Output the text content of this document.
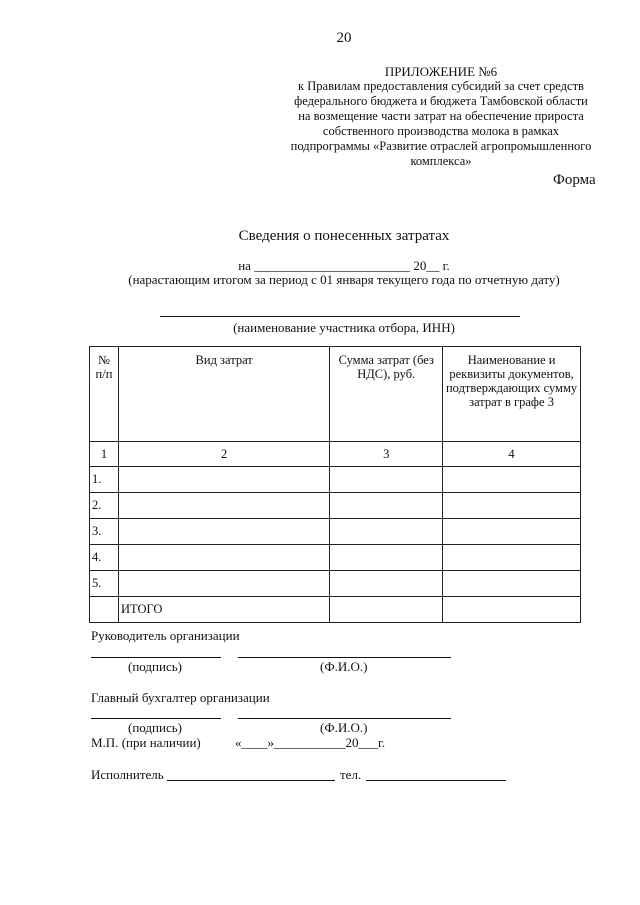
20
ПРИЛОЖЕНИЕ №6
к Правилам предоставления субсидий за счет средств
федерального бюджета и бюджета Тамбовской области
на возмещение части затрат на обеспечение прироста
собственного производства молока в рамках
подпрограммы «Развитие отраслей агропромышленного
комплекса»
Форма
Сведения о понесенных затратах
на ________________________ 20__ г.
(нарастающим итогом за период с 01 января текущего года по отчетную дату)
(наименование участника отбора, ИНН)
№ п/п	Вид затрат	Сумма затрат (без НДС), руб.	Наименование и реквизиты документов, подтверждающих сумму затрат в графе 3
1	2	3	4
1.			
2.			
3.			
4.			
5.			
	ИТОГО		
Руководитель организации
(подпись)	(Ф.И.О.)
Главный бухгалтер организации
(подпись)	(Ф.И.О.)
М.П. (при наличии)	«____»___________20___г.
Исполнитель	тел.
